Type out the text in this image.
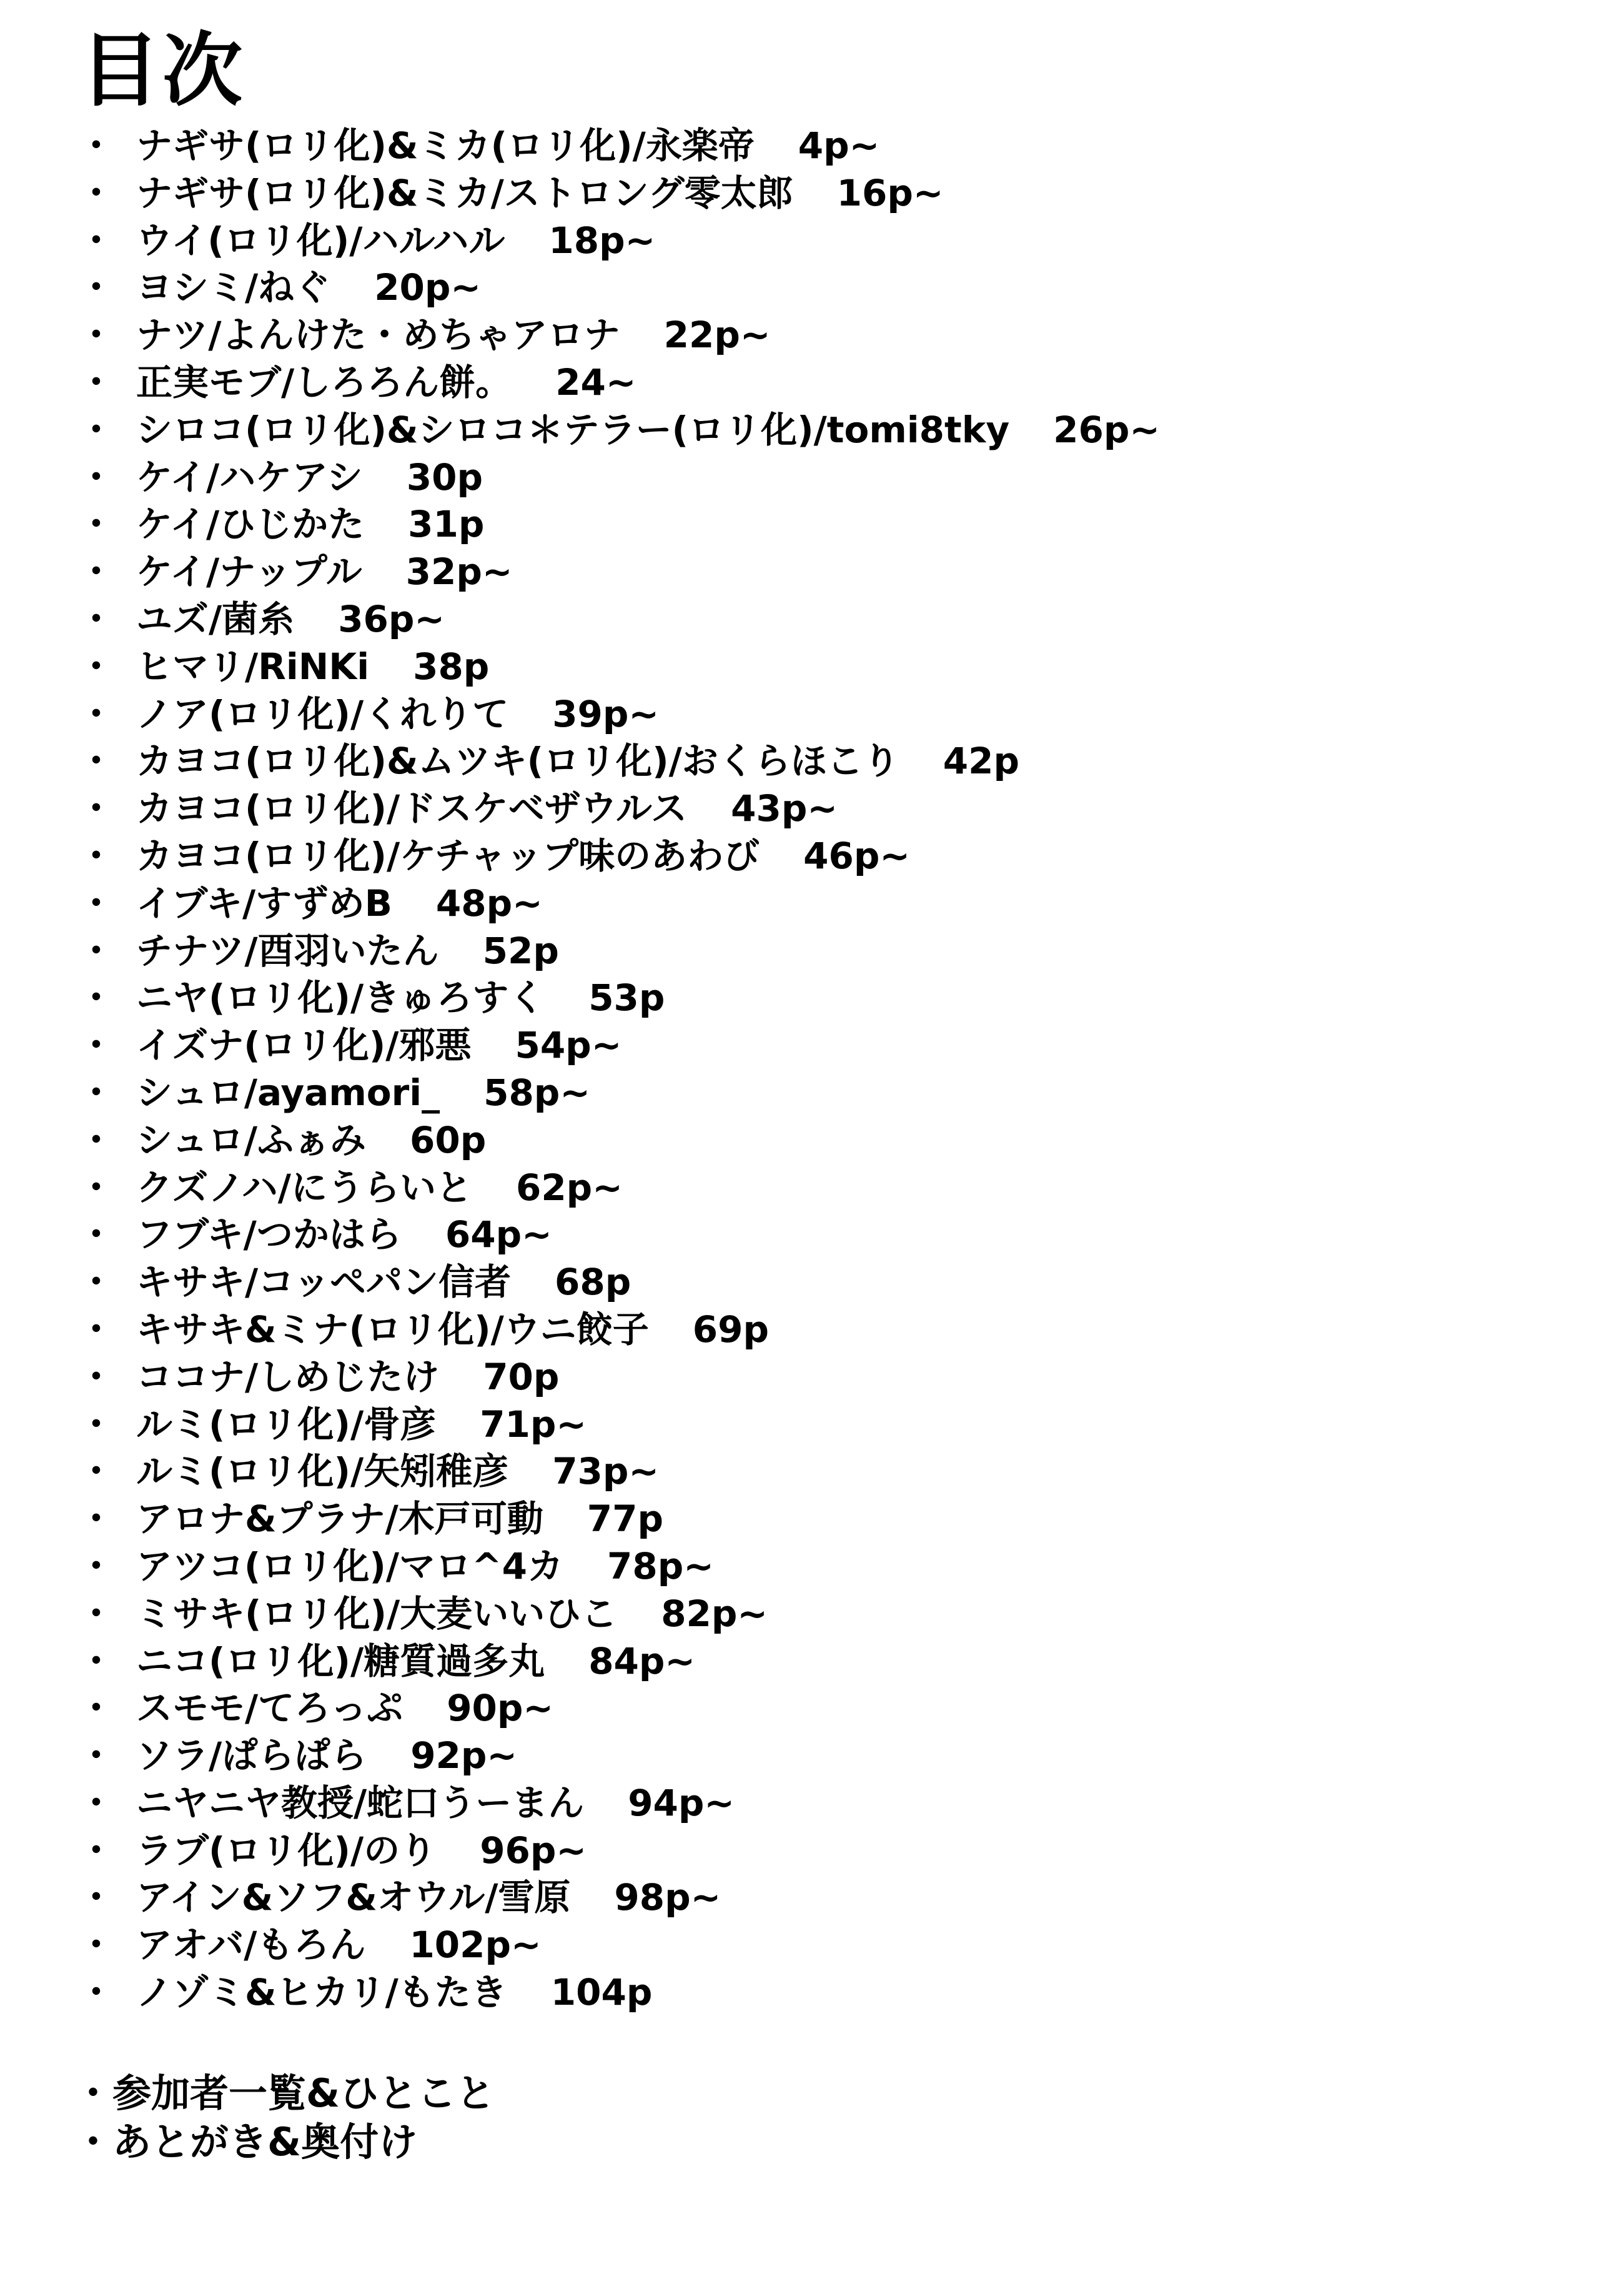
目次
・ ナギサ(ロリ化)&ミカ(ロリ化)/永楽帝 4p~
・ ナギサ(ロリ化)&ミカ/ストロング零太郎 16p~
・ ウイ(ロリ化)/ハルハル 18p~
・ ヨシミ/ねぐ 20p~
・ ナツ/よんけた・めちゃアロナ 22p~
・ 正実モブ/しろろん餅。 24~
・ シロコ(ロリ化)&シロコ＊テラー(ロリ化)/tomi8tky 26p~
・ ケイ/ハケアシ 30p
・ ケイ/ひじかた 31p
・ ケイ/ナップル 32p~
・ ユズ/菌糸 36p~
・ ヒマリ/RiNKi 38p
・ ノア(ロリ化)/くれりて 39p~
・ カヨコ(ロリ化)&ムツキ(ロリ化)/おくらほこり 42p
・ カヨコ(ロリ化)/ドスケベザウルス 43p~
・ カヨコ(ロリ化)/ケチャップ味のあわび 46p~
・ イブキ/すずめB 48p~
・ チナツ/酉羽いたん 52p
・ ニヤ(ロリ化)/きゅろすく 53p
・ イズナ(ロリ化)/邪悪 54p~
・ シュロ/ayamori_ 58p~
・ シュロ/ふぁみ 60p
・ クズノハ/にうらいと 62p~
・ フブキ/つかはら 64p~
・ キサキ/コッペパン信者 68p
・ キサキ&ミナ(ロリ化)/ウニ餃子 69p
・ ココナ/しめじたけ 70p
・ ルミ(ロリ化)/骨彦 71p~
・ ルミ(ロリ化)/矢矧稚彦 73p~
・ アロナ&プラナ/木戸可動 77p
・ アツコ(ロリ化)/マロ^4カ 78p~
・ ミサキ(ロリ化)/大麦いいひこ 82p~
・ ニコ(ロリ化)/糖質過多丸 84p~
・ スモモ/てろっぷ 90p~
・ ソラ/ぱらぱら 92p~
・ ニヤニヤ教授/蛇口うーまん 94p~
・ ラブ(ロリ化)/のり 96p~
・ アイン&ソフ&オウル/雪原 98p~
・ アオバ/もろん 102p~
・ ノゾミ&ヒカリ/もたき 104p
・参加者一覧&ひとこと
・あとがき&奥付け
